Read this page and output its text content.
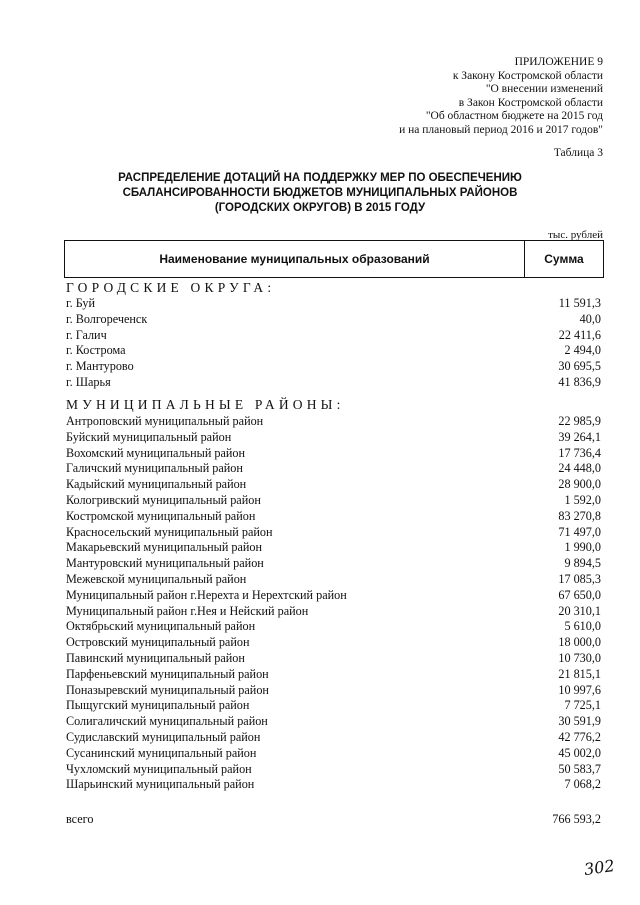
ПРИЛОЖЕНИЕ 9
к Закону Костромской области
"О внесении изменений
в Закон Костромской области
"Об областном бюджете на 2015 год
и на плановый период 2016 и 2017 годов"
Таблица 3
РАСПРЕДЕЛЕНИЕ ДОТАЦИЙ НА ПОДДЕРЖКУ МЕР ПО ОБЕСПЕЧЕНИЮ
СБАЛАНСИРОВАННОСТИ БЮДЖЕТОВ МУНИЦИПАЛЬНЫХ РАЙОНОВ
(ГОРОДСКИХ ОКРУГОВ) В 2015 ГОДУ
тыс. рублей
Наименование муниципальных образований	Сумма
ГОРОДСКИЕ ОКРУГА:
г. Буй	11 591,3
г. Волгореченск	40,0
г. Галич	22 411,6
г. Кострома	2 494,0
г. Мантурово	30 695,5
г. Шарья	41 836,9
МУНИЦИПАЛЬНЫЕ РАЙОНЫ:
Антроповский муниципальный район	22 985,9
Буйский муниципальный район	39 264,1
Вохомский муниципальный район	17 736,4
Галичский муниципальный район	24 448,0
Кадыйский муниципальный район	28 900,0
Кологривский муниципальный район	1 592,0
Костромской муниципальный район	83 270,8
Красносельский муниципальный район	71 497,0
Макарьевский муниципальный район	1 990,0
Мантуровский муниципальный район	9 894,5
Межевской муниципальный район	17 085,3
Муниципальный район г.Нерехта и Нерехтский район	67 650,0
Муниципальный район г.Нея и Нейский район	20 310,1
Октябрьский муниципальный район	5 610,0
Островский муниципальный район	18 000,0
Павинский муниципальный район	10 730,0
Парфеньевский муниципальный район	21 815,1
Поназыревский муниципальный район	10 997,6
Пыщугский муниципальный район	7 725,1
Солигаличский муниципальный район	30 591,9
Судиславский муниципальный район	42 776,2
Сусанинский муниципальный район	45 002,0
Чухломский муниципальный район	50 583,7
Шарьинский муниципальный район	7 068,2
всего	766 593,2
302
